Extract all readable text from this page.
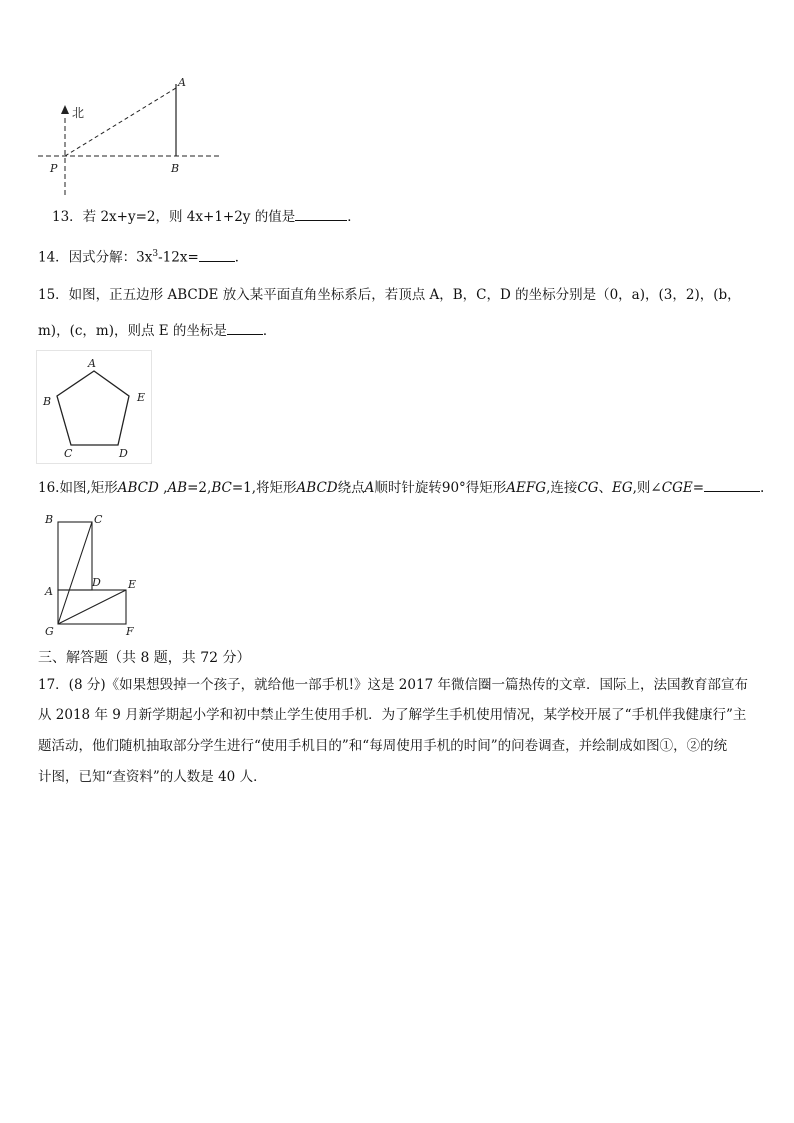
北
A
B
P
13．若 2x+y=2，则 4x+1+2y 的值是	．
14．因式分解：$3x^3-12x=$	．
15．如图，正五边形 ABCDE 放入某平面直角坐标系后，若顶点 A，B，C，D 的坐标分别是（0，a)，(3，2)，(b，
m)，(c，m)，则点 E 的坐标是	．
A
B
C	D
E
16.如图,矩形ABCD ,AB=2,BC=1,将矩形ABCD绕点A顺时针旋转90°得矩形AEFG,连接CG、EG,则∠CGE=	.
B	C
A
D E
G	F
三、解答题（共 8 题，共 72 分）
17．(8 分)《如果想毁掉一个孩子，就给他一部手机!》这是 2017 年微信圈一篇热传的文章．国际上，法国教育部宣布
从 2018 年 9 月新学期起小学和初中禁止学生使用手机．为了解学生手机使用情况，某学校开展了“手机伴我健康行”主
题活动，他们随机抽取部分学生进行“使用手机目的”和“每周使用手机的时间”的问卷调查，并绘制成如图①，②的统
计图，已知“查资料”的人数是 40 人．
